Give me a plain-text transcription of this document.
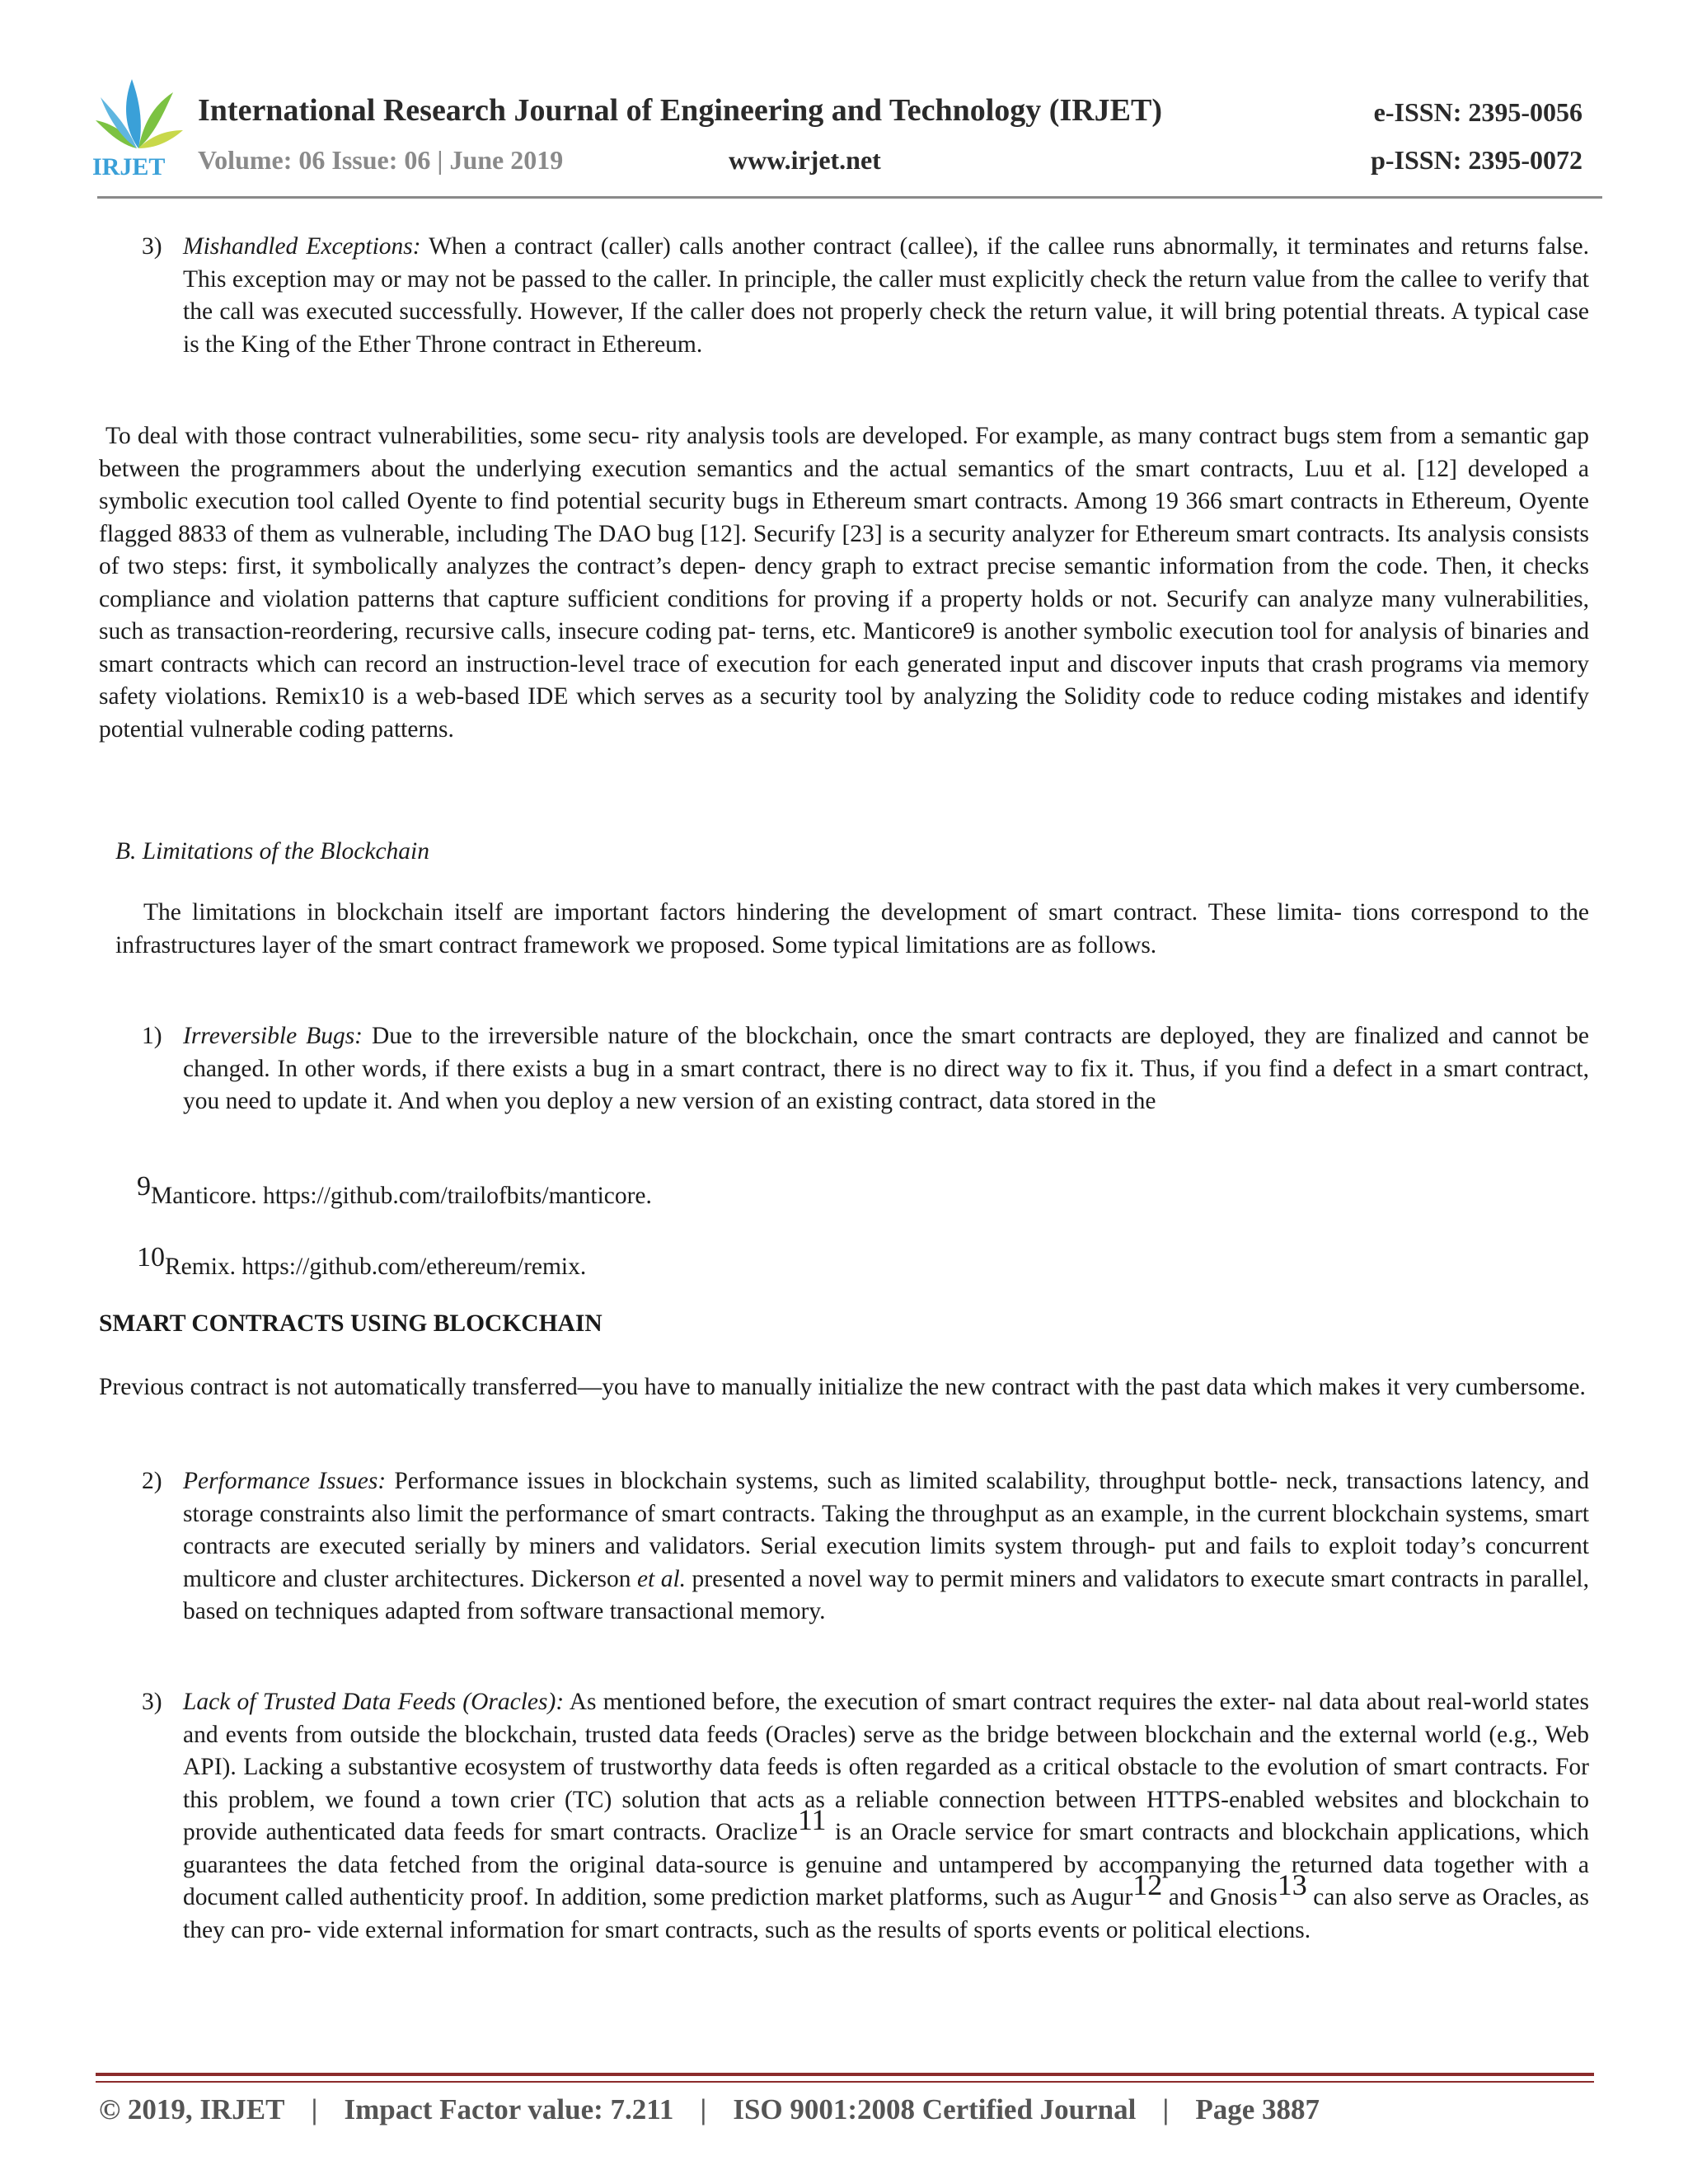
IRJET
International Research Journal of Engineering and Technology (IRJET)
Volume: 06 Issue: 06 | June 2019	www.irjet.net
e-ISSN: 2395-0056
p-ISSN: 2395-0072
3) Mishandled Exceptions: When a contract (caller) calls another contract (callee), if the callee runs abnormally, it terminates and returns false. This exception may or may not be passed to the caller. In principle, the caller must explicitly check the return value from the callee to verify that the call was executed successfully. However, If the caller does not properly check the return value, it will bring potential threats. A typical case is the King of the Ether Throne contract in Ethereum.

To deal with those contract vulnerabilities, some secu- rity analysis tools are developed. For example, as many contract bugs stem from a semantic gap between the programmers about the underlying execution semantics and the actual semantics of the smart contracts, Luu et al. [12] developed a symbolic execution tool called Oyente to find potential security bugs in Ethereum smart contracts. Among 19 366 smart contracts in Ethereum, Oyente flagged 8833 of them as vulnerable, including The DAO bug [12]. Securify [23] is a security analyzer for Ethereum smart contracts. Its analysis consists of two steps: first, it symbolically analyzes the contract’s depen- dency graph to extract precise semantic information from the code. Then, it checks compliance and violation patterns that capture sufficient conditions for proving if a property holds or not. Securify can analyze many vulnerabilities, such as transaction-reordering, recursive calls, insecure coding pat- terns, etc. Manticore9 is another symbolic execution tool for analysis of binaries and smart contracts which can record an instruction-level trace of execution for each generated input and discover inputs that crash programs via memory safety violations. Remix10 is a web-based IDE which serves as a security tool by analyzing the Solidity code to reduce coding mistakes and identify potential vulnerable coding patterns.

B. Limitations of the Blockchain

The limitations in blockchain itself are important factors hindering the development of smart contract. These limita- tions correspond to the infrastructures layer of the smart contract framework we proposed. Some typical limitations are as follows.

1) Irreversible Bugs: Due to the irreversible nature of the blockchain, once the smart contracts are deployed, they are finalized and cannot be changed. In other words, if there exists a bug in a smart contract, there is no direct way to fix it. Thus, if you find a defect in a smart contract, you need to update it. And when you deploy a new version of an existing contract, data stored in the

9Manticore. https://github.com/trailofbits/manticore.

10Remix. https://github.com/ethereum/remix.

SMART CONTRACTS USING BLOCKCHAIN

Previous contract is not automatically transferred—you have to manually initialize the new contract with the past data which makes it very cumbersome.

2) Performance Issues: Performance issues in blockchain systems, such as limited scalability, throughput bottle- neck, transactions latency, and storage constraints also limit the performance of smart contracts. Taking the throughput as an example, in the current blockchain systems, smart contracts are executed serially by miners and validators. Serial execution limits system through- put and fails to exploit today’s concurrent multicore and cluster architectures. Dickerson et al. presented a novel way to permit miners and validators to execute smart contracts in parallel, based on techniques adapted from software transactional memory.

3) Lack of Trusted Data Feeds (Oracles): As mentioned before, the execution of smart contract requires the exter- nal data about real-world states and events from outside the blockchain, trusted data feeds (Oracles) serve as the bridge between blockchain and the external world (e.g., Web API). Lacking a substantive ecosystem of trustworthy data feeds is often regarded as a critical obstacle to the evolution of smart contracts. For this problem, we found a town crier (TC) solution that acts as a reliable connection between HTTPS-enabled websites and blockchain to provide authenticated data feeds for smart contracts. Oraclize11 is an Oracle service for smart contracts and blockchain applications, which guarantees the data fetched from the original data-source is genuine and untampered by accompanying the returned data together with a document called authenticity proof. In addition, some prediction market platforms, such as Augur12 and Gnosis13 can also serve as Oracles, as they can pro- vide external information for smart contracts, such as the results of sports events or political elections.

© 2019, IRJET | Impact Factor value: 7.211 | ISO 9001:2008 Certified Journal | Page 3887
